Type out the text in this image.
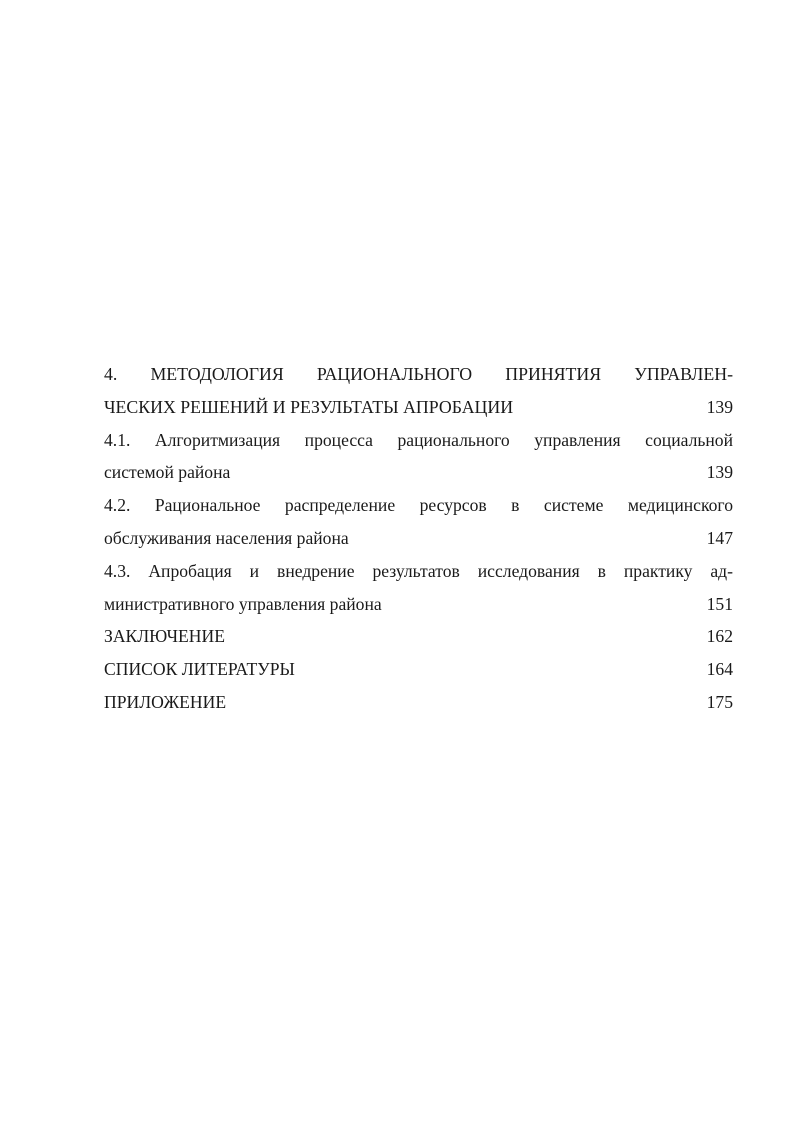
4. МЕТОДОЛОГИЯ РАЦИОНАЛЬНОГО ПРИНЯТИЯ УПРАВЛЕН-
ЧЕСКИХ РЕШЕНИЙ И РЕЗУЛЬТАТЫ АПРОБАЦИИ	139
4.1. Алгоритмизация процесса рационального управления социальной
системой района	139
4.2. Рациональное распределение ресурсов в системе медицинского
обслуживания населения района	147
4.3. Апробация и внедрение результатов исследования в практику ад-
министративного управления района	151
ЗАКЛЮЧЕНИЕ	162
СПИСОК ЛИТЕРАТУРЫ	164
ПРИЛОЖЕНИЕ	175
